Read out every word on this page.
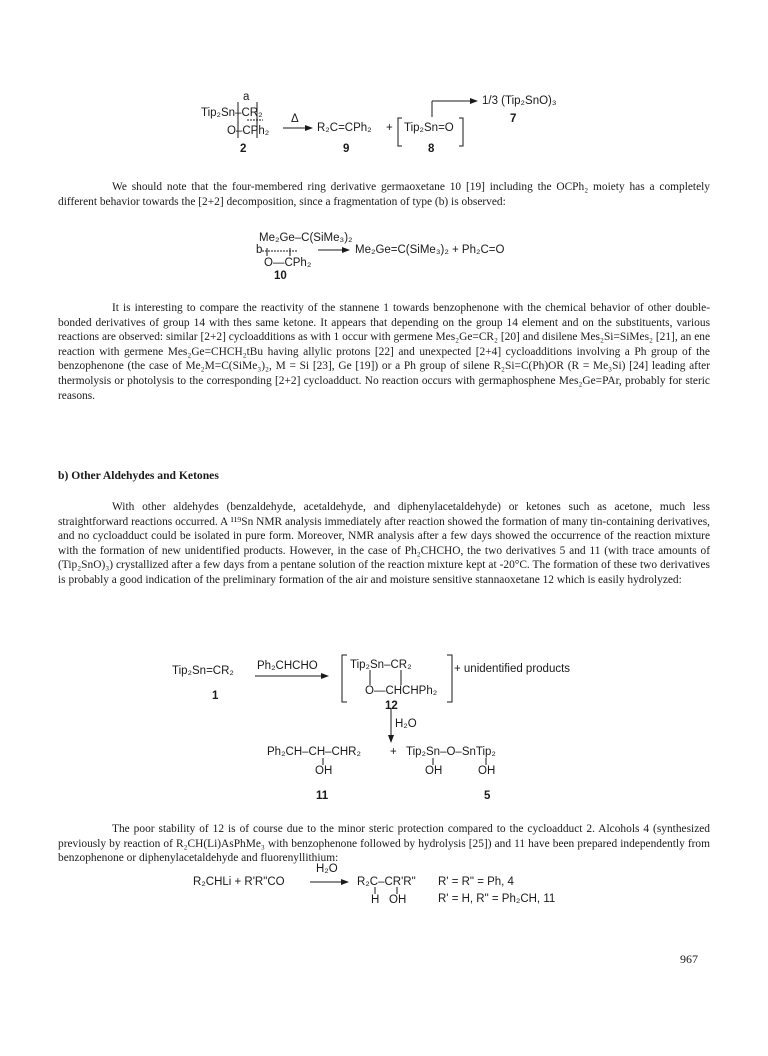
a
Tip₂Sn–CR₂
O–CPh₂
2
Δ
R₂C=CPh₂ + Tip₂Sn=O
9	8
1/3 (Tip₂SnO)₃
7

We should note that the four-membered ring derivative germaoxetane 10 [19] including the OCPh₂ moiety has a completely different behavior towards the [2+2] decomposition, since a fragmentation of type (b) is observed:

Me₂Ge–C(SiMe₃)₂
b
O—CPh₂
10
Me₂Ge=C(SiMe₃)₂ + Ph₂C=O

It is interesting to compare the reactivity of the stannene 1 towards benzophenone with the chemical behavior of other double-bonded derivatives of group 14 with thes same ketone. It appears that depending on the group 14 element and on the substituents, various reactions are observed: similar [2+2] cycloadditions as with 1 occur with germene Mes₂Ge=CR₂ [20] and disilene Mes₂Si=SiMes₂ [21], an ene reaction with germene Mes₂Ge=CHCH₂tBu having allylic protons [22] and unexpected [2+4] cycloadditions involving a Ph group of the benzophenone (the case of Me₂M=C(SiMe₃)₂, M = Si [23], Ge [19]) or a Ph group of silene R₂Si=C(Ph)OR (R = Me₃Si) [24] leading after thermolysis or photolysis to the corresponding [2+2] cycloadduct. No reaction occurs with germaphosphene Mes₂Ge=PAr, probably for steric reasons.

b) Other Aldehydes and Ketones

With other aldehydes (benzaldehyde, acetaldehyde, and diphenylacetaldehyde) or ketones such as acetone, much less straightforward reactions occurred. A ¹¹⁹Sn NMR analysis immediately after reaction showed the formation of many tin-containing derivatives, and no cycloadduct could be isolated in pure form. Moreover, NMR analysis after a few days showed the occurrence of the reaction mixture with the formation of new unidentified products. However, in the case of Ph₂CHCHO, the two derivatives 5 and 11 (with trace amounts of (Tip₂SnO)₃) crystallized after a few days from a pentane solution of the reaction mixture kept at -20°C. The formation of these two derivatives is probably a good indication of the preliminary formation of the air and moisture sensitive stannaoxetane 12 which is easily hydrolyzed:

Tip₂Sn=CR₂
1
Ph₂CHCHO	Tip₂Sn–CR₂
O—CHCHPh₂
+ unidentified products
12
H₂O
Ph₂CH–CH–CHR₂
OH
+ Tip₂Sn–O–SnTip₂
OH	OH
11	5

The poor stability of 12 is of course due to the minor steric protection compared to the cycloadduct 2. Alcohols 4 (synthesized previously by reaction of R₂CH(Li)AsPhMe₃ with benzophenone followed by hydrolysis [25]) and 11 have been prepared independently from benzophenone or diphenylacetaldehyde and fluorenyllithium:

R₂CHLi + R'R"CO
H₂O
R₂C–CR'R"
H OH
R' = R" = Ph, 4
R' = H, R" = Ph₂CH, 11
967
